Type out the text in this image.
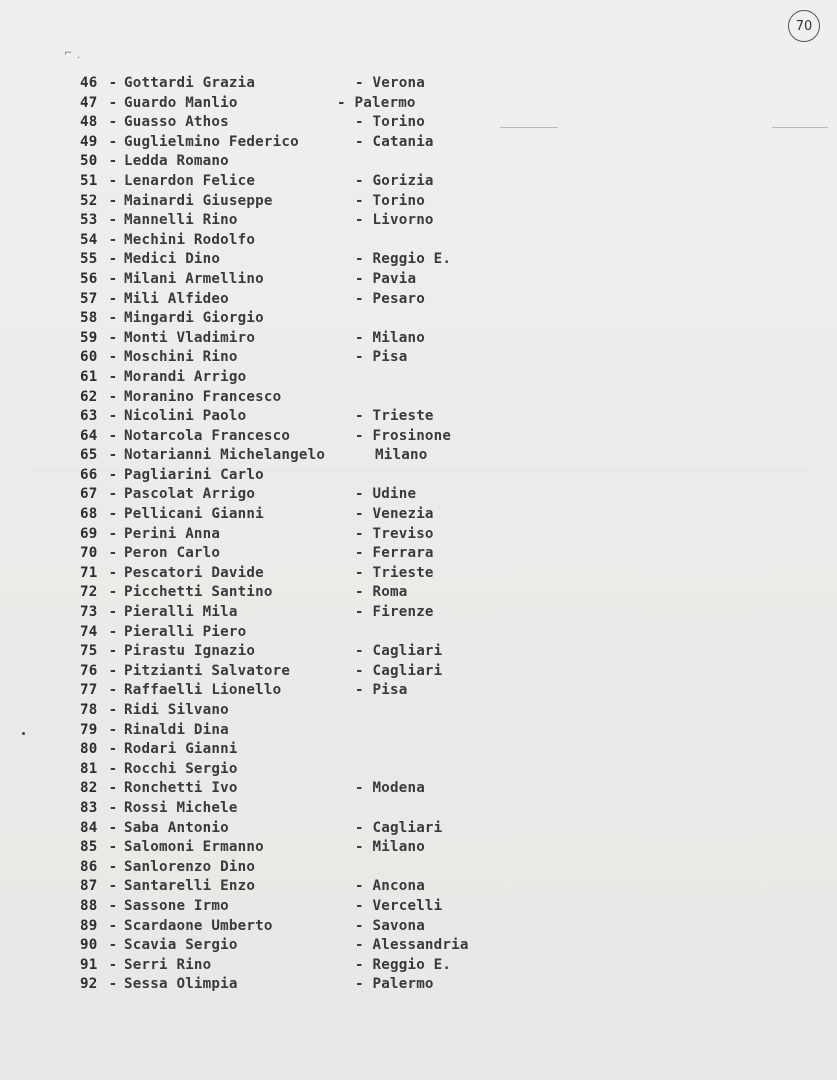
⌐ ˏ
70
46 - Gottardi Grazia	- Verona
47 - Guardo Manlio	- Palermo
48 - Guasso Athos	- Torino
49 - Guglielmino Federico	- Catania
50 - Ledda Romano
51 - Lenardon Felice	- Gorizia
52 - Mainardi Giuseppe	- Torino
53 - Mannelli Rino	- Livorno
54 - Mechini Rodolfo
55 - Medici Dino	- Reggio E.
56 - Milani Armellino	- Pavia
57 - Mili Alfideo	- Pesaro
58 - Mingardi Giorgio
59 - Monti Vladimiro	- Milano
60 - Moschini Rino	- Pisa
61 - Morandi Arrigo
62 - Moranino Francesco
63 - Nicolini Paolo	- Trieste
64 - Notarcola Francesco	- Frosinone
65 - Notarianni Michelangelo	Milano
66 - Pagliarini Carlo
67 - Pascolat Arrigo	- Udine
68 - Pellicani Gianni	- Venezia
69 - Perini Anna	- Treviso
70 - Peron Carlo	- Ferrara
71 - Pescatori Davide	- Trieste
72 - Picchetti Santino	- Roma
73 - Pieralli Mila	- Firenze
74 - Pieralli Piero
75 - Pirastu Ignazio	- Cagliari
76 - Pitzianti Salvatore	- Cagliari
77 - Raffaelli Lionello	- Pisa
78 - Ridi Silvano
79 - Rinaldi Dina
80 - Rodari Gianni
81 - Rocchi Sergio
82 - Ronchetti Ivo	- Modena
83 - Rossi Michele
84 - Saba Antonio	- Cagliari
85 - Salomoni Ermanno	- Milano
86 - Sanlorenzo Dino
87 - Santarelli Enzo	- Ancona
88 - Sassone Irmo	- Vercelli
89 - Scardaone Umberto	- Savona
90 - Scavia Sergio	- Alessandria
91 - Serri Rino	- Reggio E.
92 - Sessa Olimpia	- Palermo
